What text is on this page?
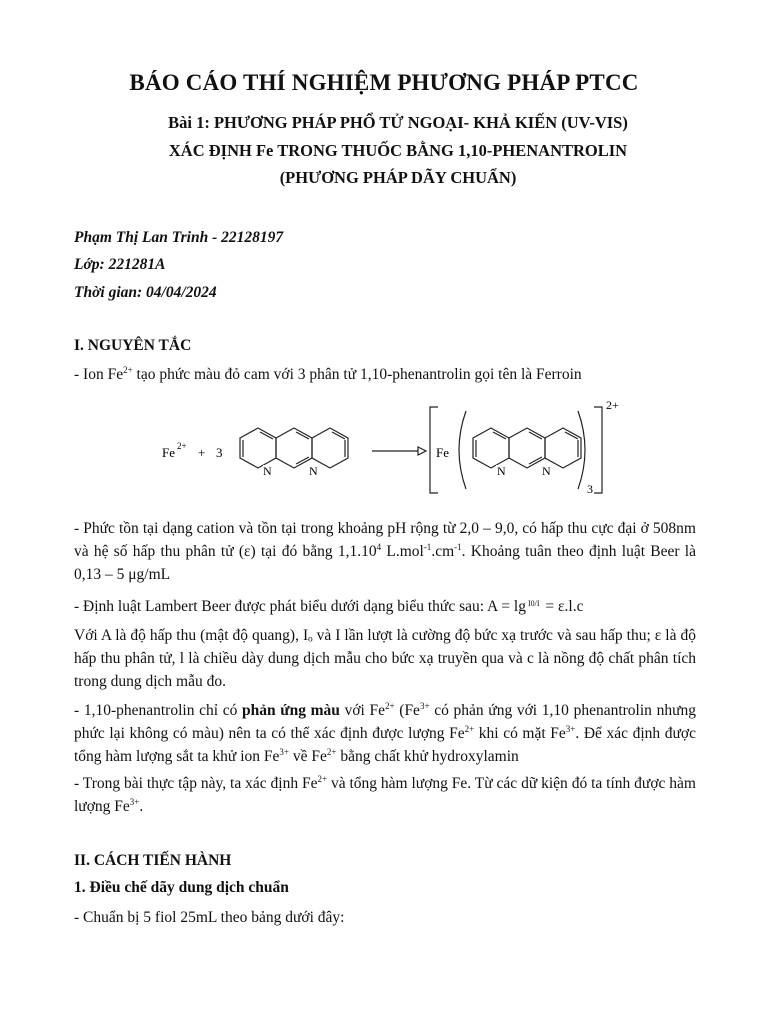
BÁO CÁO THÍ NGHIỆM PHƯƠNG PHÁP PTCC
Bài 1: PHƯƠNG PHÁP PHỔ TỬ NGOẠI- KHẢ KIẾN (UV-VIS)
XÁC ĐỊNH Fe TRONG THUỐC BẰNG 1,10-PHENANTROLIN
(PHƯƠNG PHÁP DÃY CHUẨN)
Phạm Thị Lan Trinh - 22128197
Lớp: 221281A
Thời gian: 04/04/2024
I. NGUYÊN TẮC
- Ion $Fe^{2+}$ tạo phức màu đỏ cam với 3 phân tử 1,10-phenantrolin gọi tên là Ferroin
Fe 2+ + 3
N	N
Fe
N	N
3
2+
- Phức tồn tại dạng cation và tồn tại trong khoảng pH rộng từ 2,0 – 9,0, có hấp thu cực đại ở 508nm và hệ số hấp thu phân tử (ε) tại đó bằng 1,1.10$^4$ $L.mol^{-1}.cm^{-1}$. Khoảng tuân theo định luật Beer là 0,13 – 5 μg/mL
- Định luật Lambert Beer được phát biểu dưới dạng biểu thức sau: A = lg I0/I = ε.l.c
Với A là độ hấp thu (mật độ quang), Iₒ và I lần lượt là cường độ bức xạ trước và sau hấp thu; ε là độ hấp thu phân tử, l là chiều dày dung dịch mẫu cho bức xạ truyền qua và c là nồng độ chất phân tích trong dung dịch mẫu đo.
- 1,10-phenantrolin chỉ có phản ứng màu với $Fe^{2+}$ ($Fe^{3+}$ có phản ứng với 1,10 phenantrolin nhưng phức lại không có màu) nên ta có thể xác định được lượng $Fe^{2+}$ khi có mặt $Fe^{3+}$. Để xác định được tổng hàm lượng sắt ta khử ion $Fe^{3+}$ về $Fe^{2+}$ bằng chất khử hydroxylamin
- Trong bài thực tập này, ta xác định $Fe^{2+}$ và tổng hàm lượng Fe. Từ các dữ kiện đó ta tính được hàm lượng $Fe^{3+}$.
II. CÁCH TIẾN HÀNH
1. Điều chế dãy dung dịch chuẩn
- Chuẩn bị 5 fiol 25mL theo bảng dưới đây:
